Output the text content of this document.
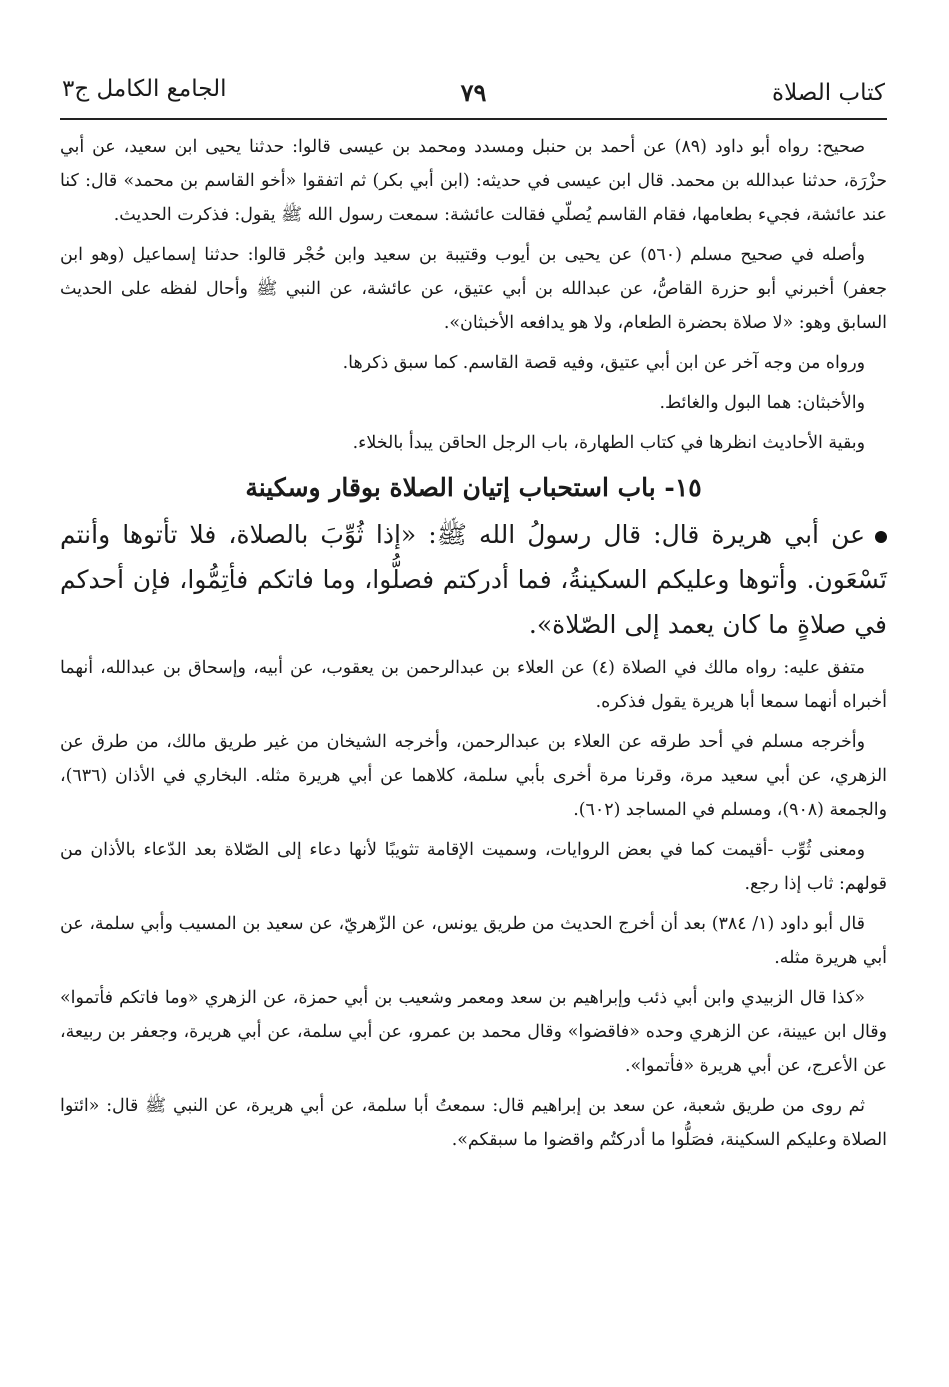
كتاب الصلاة
٧٩
الجامع الكامل ج٣

صحيح: رواه أبو داود (٨٩) عن أحمد بن حنبل ومسدد ومحمد بن عيسى قالوا: حدثنا يحيى ابن سعيد، عن أبي حزْرَة، حدثنا عبدالله بن محمد. قال ابن عيسى في حديثه: (ابن أبي بكر) ثم اتفقوا «أخو القاسم بن محمد» قال: كنا عند عائشة، فجيء بطعامها، فقام القاسم يُصلّي فقالت عائشة: سمعت رسول الله ﷺ يقول: فذكرت الحديث.

وأصله في صحيح مسلم (٥٦٠) عن يحيى بن أيوب وقتيبة بن سعيد وابن حُجْر قالوا: حدثنا إسماعيل (وهو ابن جعفر) أخبرني أبو حزرة القاصُّ، عن عبدالله بن أبي عتيق، عن عائشة، عن النبي ﷺ وأحال لفظه على الحديث السابق وهو: «لا صلاة بحضرة الطعام، ولا هو يدافعه الأخبثان».

ورواه من وجه آخر عن ابن أبي عتيق، وفيه قصة القاسم. كما سبق ذكرها.

والأخبثان: هما البول والغائط.

وبقية الأحاديث انظرها في كتاب الطهارة، باب الرجل الحاقن يبدأ بالخلاء.

١٥- باب استحباب إتيان الصلاة بوقار وسكينة

عن أبي هريرة قال: قال رسولُ الله ﷺ: «إذا ثُوِّبَ بالصلاة، فلا تأتوها وأنتم تَسْعَون. وأتوها وعليكم السكينةُ، فما أدركتم فصلُّوا، وما فاتكم فأتِمُّوا، فإن أحدكم في صلاةٍ ما كان يعمد إلى الصّلاة».

متفق عليه: رواه مالك في الصلاة (٤) عن العلاء بن عبدالرحمن بن يعقوب، عن أبيه، وإسحاق بن عبدالله، أنهما أخبراه أنهما سمعا أبا هريرة يقول فذكره.

وأخرجه مسلم في أحد طرقه عن العلاء بن عبدالرحمن، وأخرجه الشيخان من غير طريق مالك، من طرق عن الزهري، عن أبي سعيد مرة، وقرنا مرة أخرى بأبي سلمة، كلاهما عن أبي هريرة مثله. البخاري في الأذان (٦٣٦)، والجمعة (٩٠٨)، ومسلم في المساجد (٦٠٢).

ومعنى ثُوِّب -أقيمت كما في بعض الروايات، وسميت الإقامة تثويبًا لأنها دعاء إلى الصّلاة بعد الدّعاء بالأذان من قولهم: ثاب إذا رجع.

قال أبو داود (١/ ٣٨٤) بعد أن أخرج الحديث من طريق يونس، عن الزّهريّ، عن سعيد بن المسيب وأبي سلمة، عن أبي هريرة مثله.

«كذا قال الزبيدي وابن أبي ذئب وإبراهيم بن سعد ومعمر وشعيب بن أبي حمزة، عن الزهري «وما فاتكم فأتموا» وقال ابن عيينة، عن الزهري وحده «فاقضوا» وقال محمد بن عمرو، عن أبي سلمة، عن أبي هريرة، وجعفر بن ربيعة، عن الأعرج، عن أبي هريرة «فأتموا».

ثم روى من طريق شعبة، عن سعد بن إبراهيم قال: سمعتُ أبا سلمة، عن أبي هريرة، عن النبي ﷺ قال: «ائتوا الصلاة وعليكم السكينة، فصَلُّوا ما أدركتُم واقضوا ما سبقكم».
